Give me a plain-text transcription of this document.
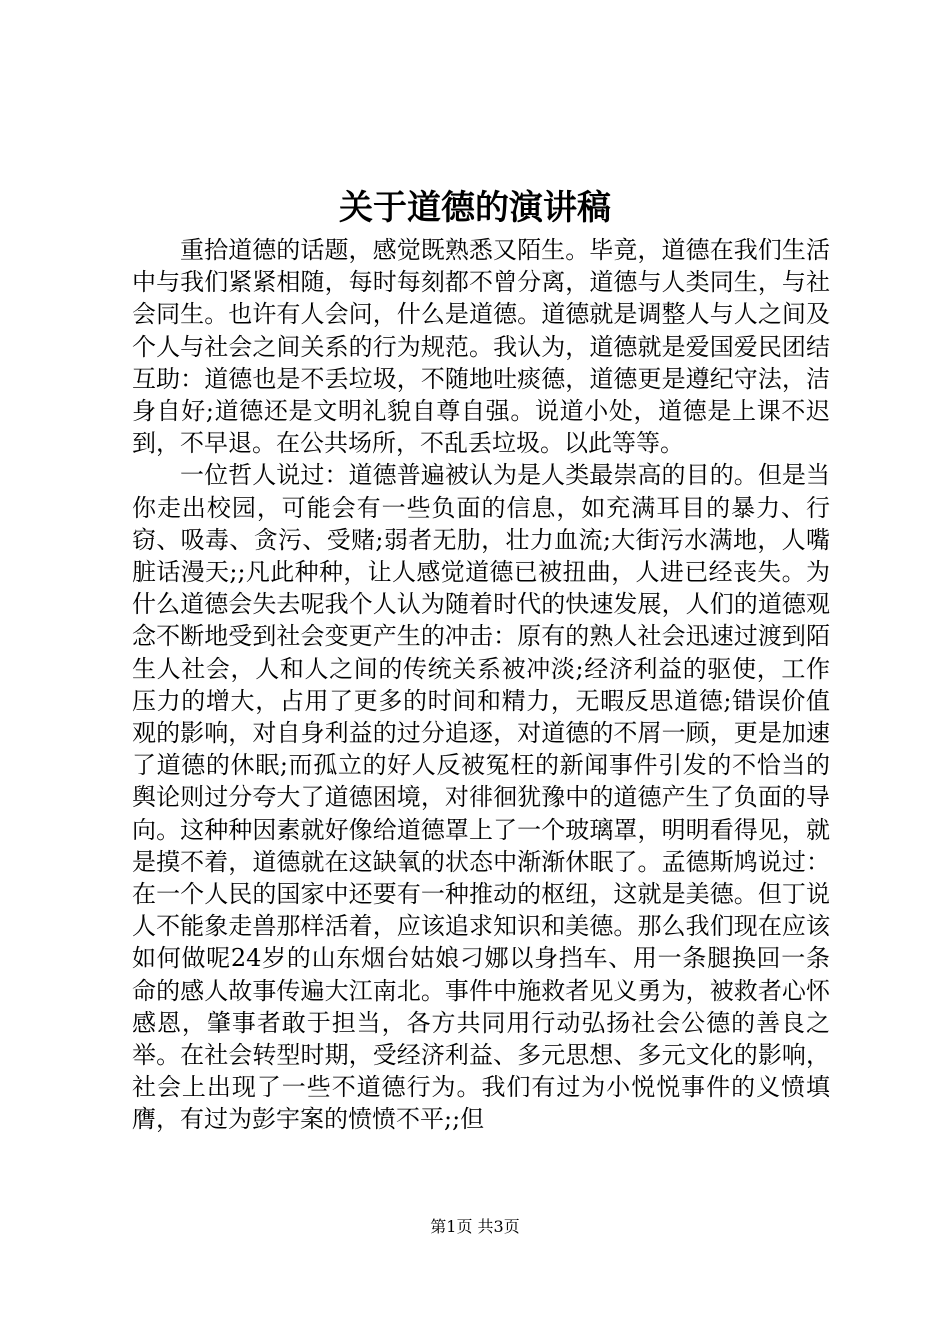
关于道德的演讲稿

重拾道德的话题，感觉既熟悉又陌生。毕竟，道德在我们生活中与我们紧紧相随，每时每刻都不曾分离，道德与人类同生，与社会同生。也许有人会问，什么是道德。道德就是调整人与人之间及个人与社会之间关系的行为规范。我认为，道德就是爱国爱民团结互助：道德也是不丢垃圾，不随地吐痰德，道德更是遵纪守法，洁身自好;道德还是文明礼貌自尊自强。说道小处，道德是上课不迟到，不早退。在公共场所，不乱丢垃圾。以此等等。

一位哲人说过：道德普遍被认为是人类最崇高的目的。但是当你走出校园，可能会有一些负面的信息，如充满耳目的暴力、行窃、吸毒、贪污、受赌;弱者无肋，壮力血流;大街污水满地，人嘴脏话漫天;;凡此种种，让人感觉道德已被扭曲，人进已经丧失。为什么道德会失去呢我个人认为随着时代的快速发展，人们的道德观念不断地受到社会变更产生的冲击：原有的熟人社会迅速过渡到陌生人社会，人和人之间的传统关系被冲淡;经济利益的驱使，工作压力的增大，占用了更多的时间和精力，无暇反思道德;错误价值观的影响，对自身利益的过分追逐，对道德的不屑一顾，更是加速了道德的休眠;而孤立的好人反被冤枉的新闻事件引发的不恰当的舆论则过分夸大了道德困境，对徘徊犹豫中的道德产生了负面的导向。这种种因素就好像给道德罩上了一个玻璃罩，明明看得见，就是摸不着，道德就在这缺氧的状态中渐渐休眠了。孟德斯鸠说过：在一个人民的国家中还要有一种推动的枢纽，这就是美德。但丁说人不能象走兽那样活着，应该追求知识和美德。那么我们现在应该如何做呢24岁的山东烟台姑娘刁娜以身挡车、用一条腿换回一条命的感人故事传遍大江南北。事件中施救者见义勇为，被救者心怀感恩，肇事者敢于担当，各方共同用行动弘扬社会公德的善良之举。在社会转型时期，受经济利益、多元思想、多元文化的影响，社会上出现了一些不道德行为。我们有过为小悦悦事件的义愤填膺，有过为彭宇案的愤愤不平;;但

第1页 共3页
